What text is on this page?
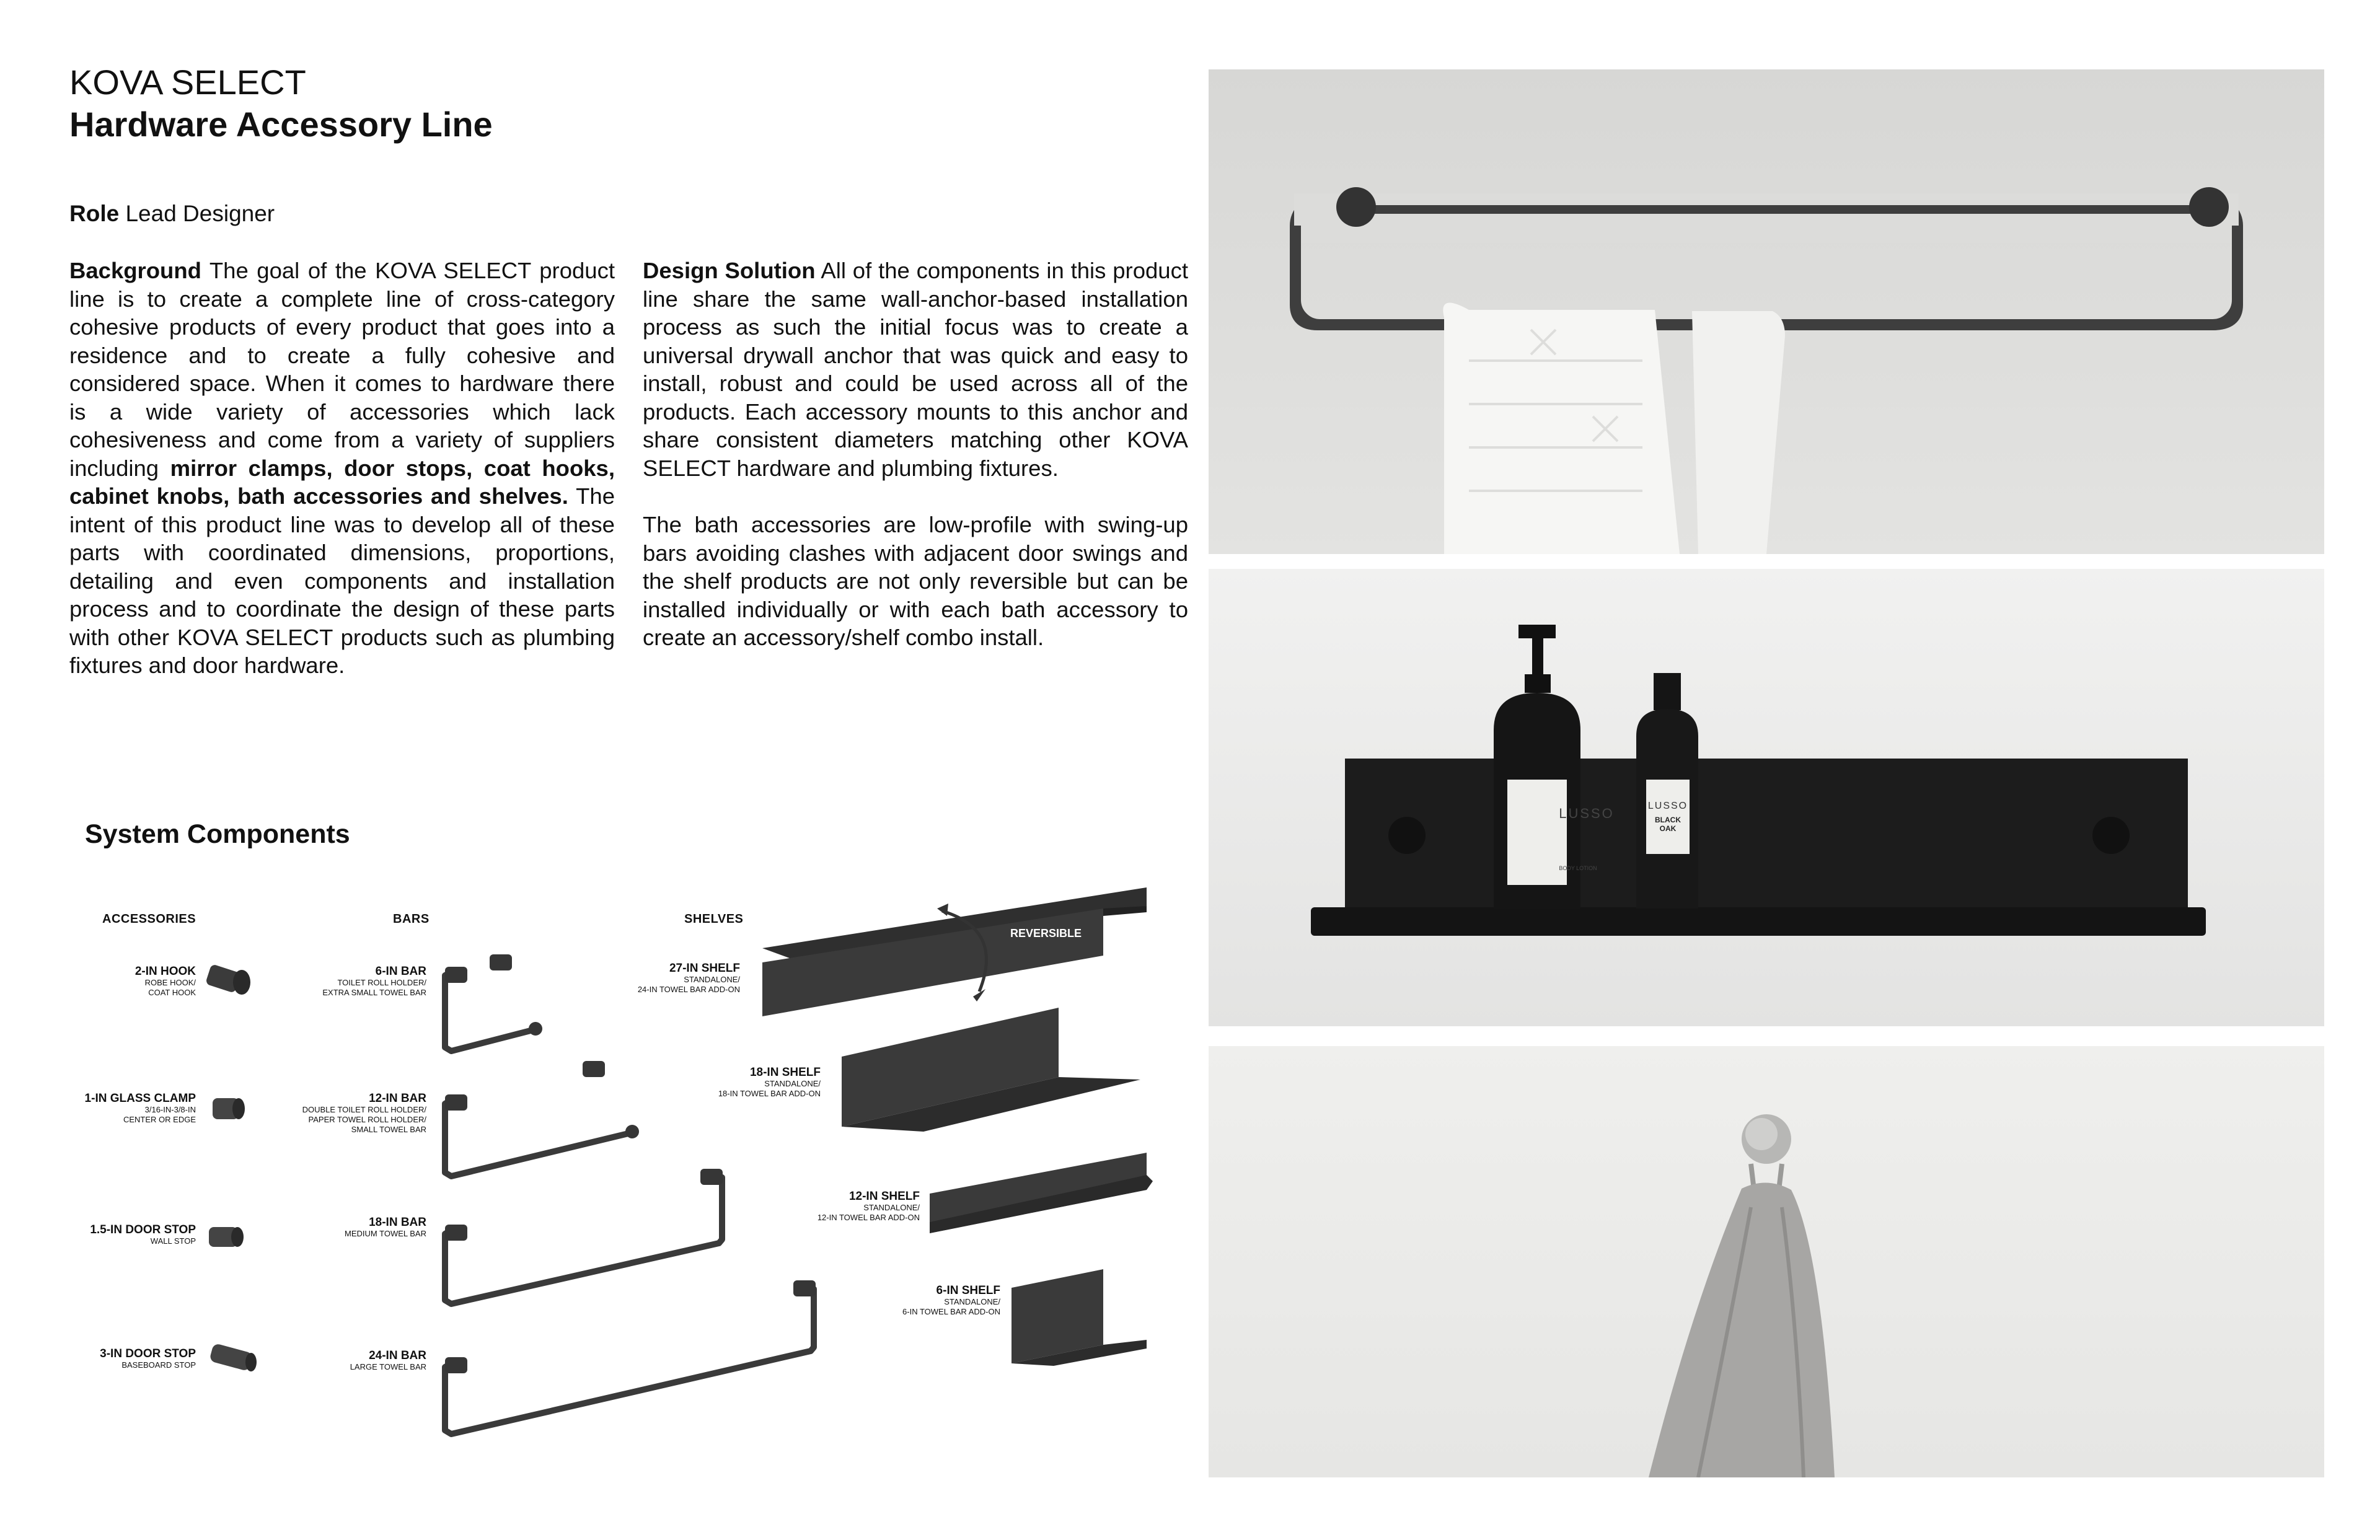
KOVA SELECT
Hardware Accessory Line
Role Lead Designer

Background The goal of the KOVA SELECT product line is to create a complete line of cross-category cohesive products of every product that goes into a residence and to create a fully cohesive and considered space. When it comes to hardware there is a wide variety of accessories which lack cohesiveness and come from a variety of suppliers including mirror clamps, door stops, coat hooks, cabinet knobs, bath accessories and shelves. The intent of this product line was to develop all of these parts with coordinated dimensions, proportions, detailing and even components and installation process and to coordinate the design of these parts with other KOVA SELECT products such as plumbing fixtures and door hardware.

Design Solution All of the components in this product line share the same wall-anchor-based installation process as such the initial focus was to create a universal drywall anchor that was quick and easy to install, robust and could be used across all of the products. Each accessory mounts to this anchor and share consistent diameters matching other KOVA SELECT hardware and plumbing fixtures.

The bath accessories are low-profile with swing-up bars avoiding clashes with adjacent door swings and the shelf products are not only reversible but can be installed individually or with each bath accessory to create an accessory/shelf combo install.

System Components
ACCESSORIES	BARS	SHELVES
2-IN HOOK
ROBE HOOK/
COAT HOOK
1-IN GLASS CLAMP
3/16-IN-3/8-IN
CENTER OR EDGE
1.5-IN DOOR STOP
WALL STOP
3-IN DOOR STOP
BASEBOARD STOP
6-IN BAR
TOILET ROLL HOLDER/
EXTRA SMALL TOWEL BAR
12-IN BAR
DOUBLE TOILET ROLL HOLDER/
PAPER TOWEL ROLL HOLDER/
SMALL TOWEL BAR
18-IN BAR
MEDIUM TOWEL BAR
24-IN BAR
LARGE TOWEL BAR
27-IN SHELF
STANDALONE/
24-IN TOWEL BAR ADD-ON
18-IN SHELF
STANDALONE/
18-IN TOWEL BAR ADD-ON
12-IN SHELF
STANDALONE/
12-IN TOWEL BAR ADD-ON
6-IN SHELF
STANDALONE/
6-IN TOWEL BAR ADD-ON
REVERSIBLE
LUSSO
BODY LOTION
LUSSO
BLACK OAK
